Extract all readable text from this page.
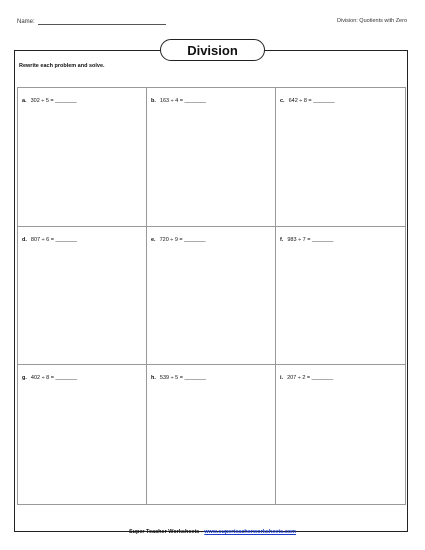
Name:	Division: Quotients with Zero
Division
Rewrite each problem and solve.
a. 302 ÷ 5 = _______	b. 163 ÷ 4 = _______	c. 642 ÷ 8 = _______
d. 807 ÷ 6 = _______	e. 720 ÷ 9 = _______	f. 983 ÷ 7 = _______
g. 402 ÷ 8 = _______	h. 539 ÷ 5 = _______	i. 207 ÷ 2 = _______
Super Teacher Worksheets - www.superteacherworksheets.com
